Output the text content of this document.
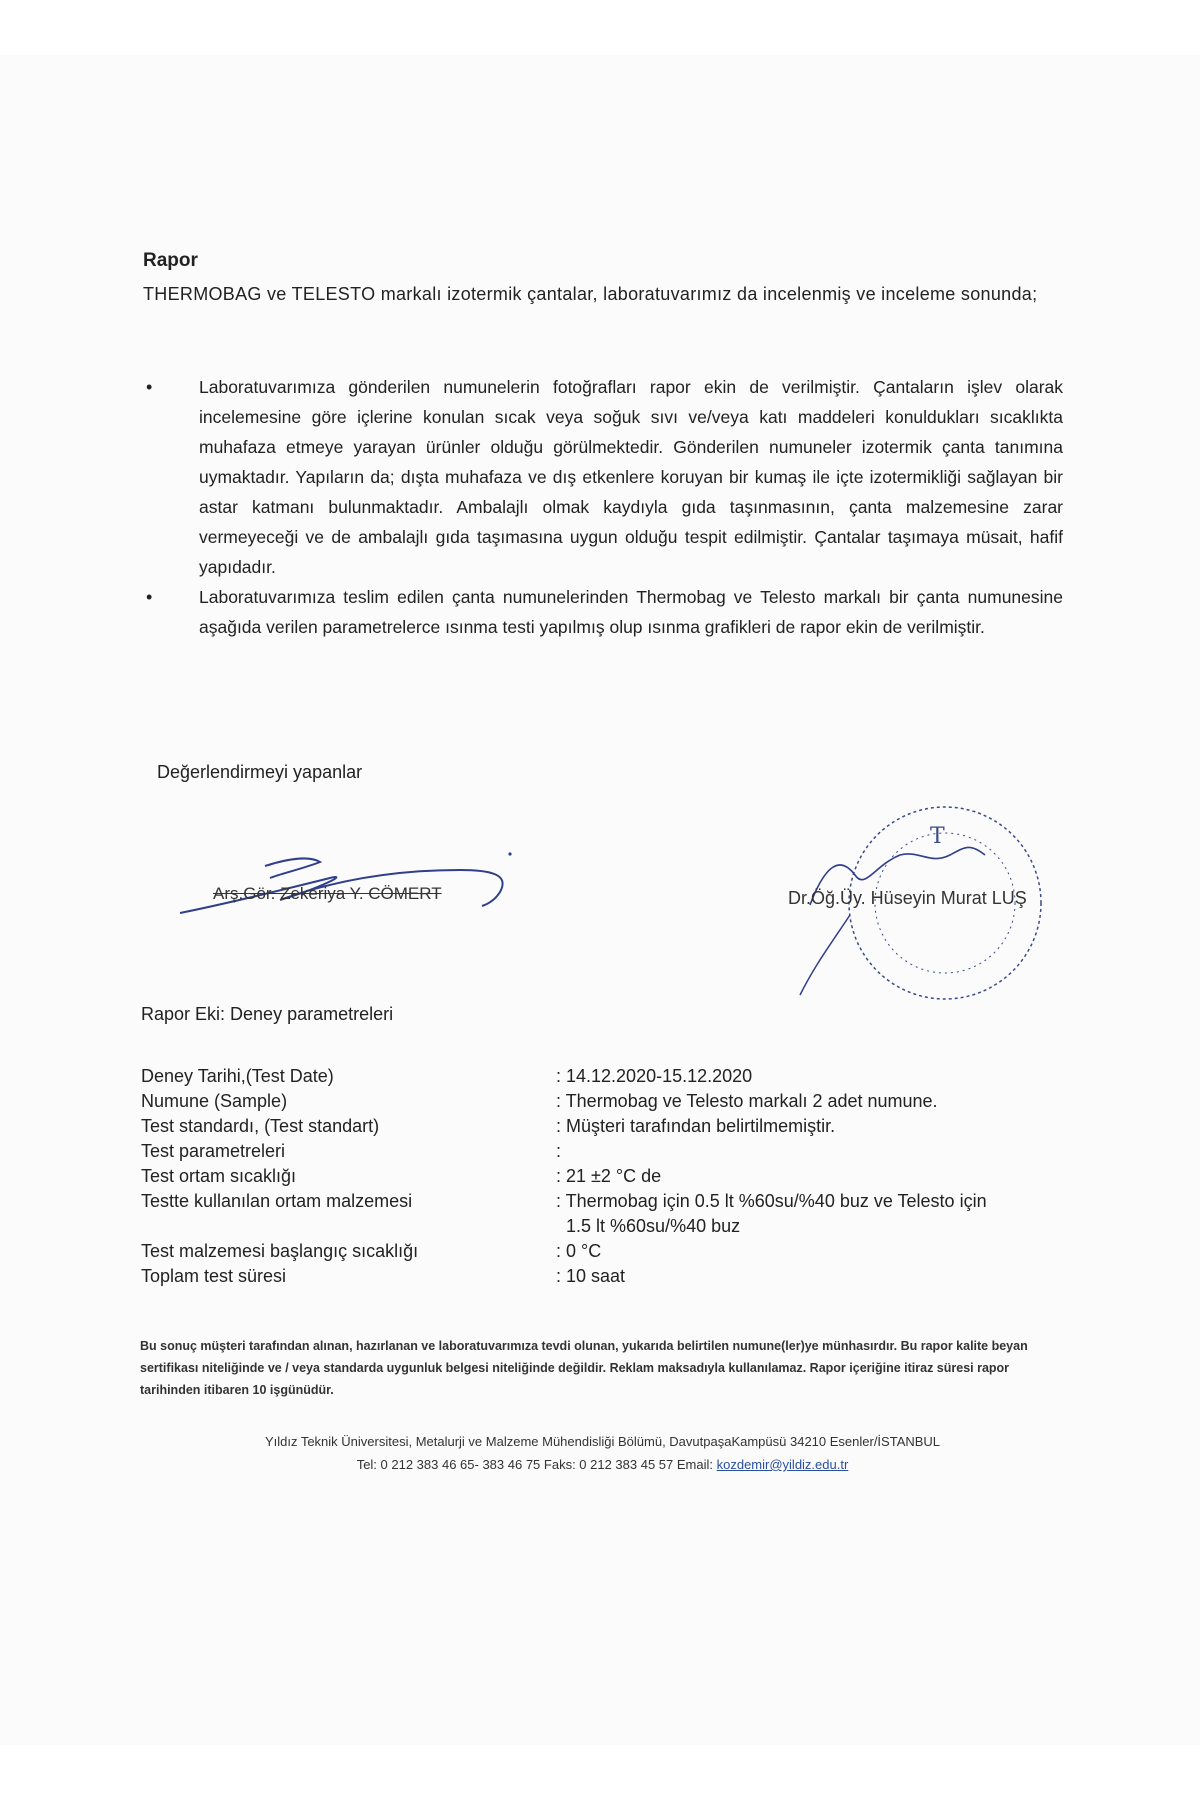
Rapor
THERMOBAG ve TELESTO markalı izotermik çantalar, laboratuvarımız da incelenmiş ve inceleme sonunda;
•	Laboratuvarımıza gönderilen numunelerin fotoğrafları rapor ekin de verilmiştir. Çantaların işlev olarak incelemesine göre içlerine konulan sıcak veya soğuk sıvı ve/veya katı maddeleri konuldukları sıcaklıkta muhafaza etmeye yarayan ürünler olduğu görülmektedir. Gönderilen numuneler izotermik çanta tanımına uymaktadır. Yapıların da; dışta muhafaza ve dış etkenlere koruyan bir kumaş ile içte izotermikliği sağlayan bir astar katmanı bulunmaktadır. Ambalajlı olmak kaydıyla gıda taşınmasının, çanta malzemesine zarar vermeyeceği ve de ambalajlı gıda taşımasına uygun olduğu tespit edilmiştir. Çantalar taşımaya müsait, hafif yapıdadır.
•	Laboratuvarımıza teslim edilen çanta numunelerinden Thermobag ve Telesto markalı bir çanta numunesine aşağıda verilen parametrelerce ısınma testi yapılmış olup ısınma grafikleri de rapor ekin de verilmiştir.
Değerlendirmeyi yapanlar
Arş.Gör. Zekeriya Y. CÖMERT
T
Dr.Öğ.Üy. Hüseyin Murat LUŞ
Rapor Eki: Deney parametreleri
Deney Tarihi,(Test Date)	: 14.12.2020-15.12.2020
Numune (Sample)	: Thermobag ve Telesto markalı 2 adet numune.
Test standardı, (Test standart)	: Müşteri tarafından belirtilmemiştir.
Test parametreleri	:
Test ortam sıcaklığı	: 21 ±2 °C de
Testte kullanılan ortam malzemesi	: Thermobag için 0.5 lt %60su/%40 buz ve Telesto için
1.5 lt %60su/%40 buz
Test malzemesi başlangıç sıcaklığı	: 0 °C
Toplam test süresi	: 10 saat
Bu sonuç müşteri tarafından alınan, hazırlanan ve laboratuvarımıza tevdi olunan, yukarıda belirtilen numune(ler)ye münhasırdır. Bu rapor kalite beyan sertifikası niteliğinde ve / veya standarda uygunluk belgesi niteliğinde değildir. Reklam maksadıyla kullanılamaz. Rapor içeriğine itiraz süresi rapor tarihinden itibaren 10 işgünüdür.
Yıldız Teknik Üniversitesi, Metalurji ve Malzeme Mühendisliği Bölümü, DavutpaşaKampüsü 34210 Esenler/İSTANBUL
Tel: 0 212 383 46 65- 383 46 75 Faks: 0 212 383 45 57 Email: kozdemir@yildiz.edu.tr
